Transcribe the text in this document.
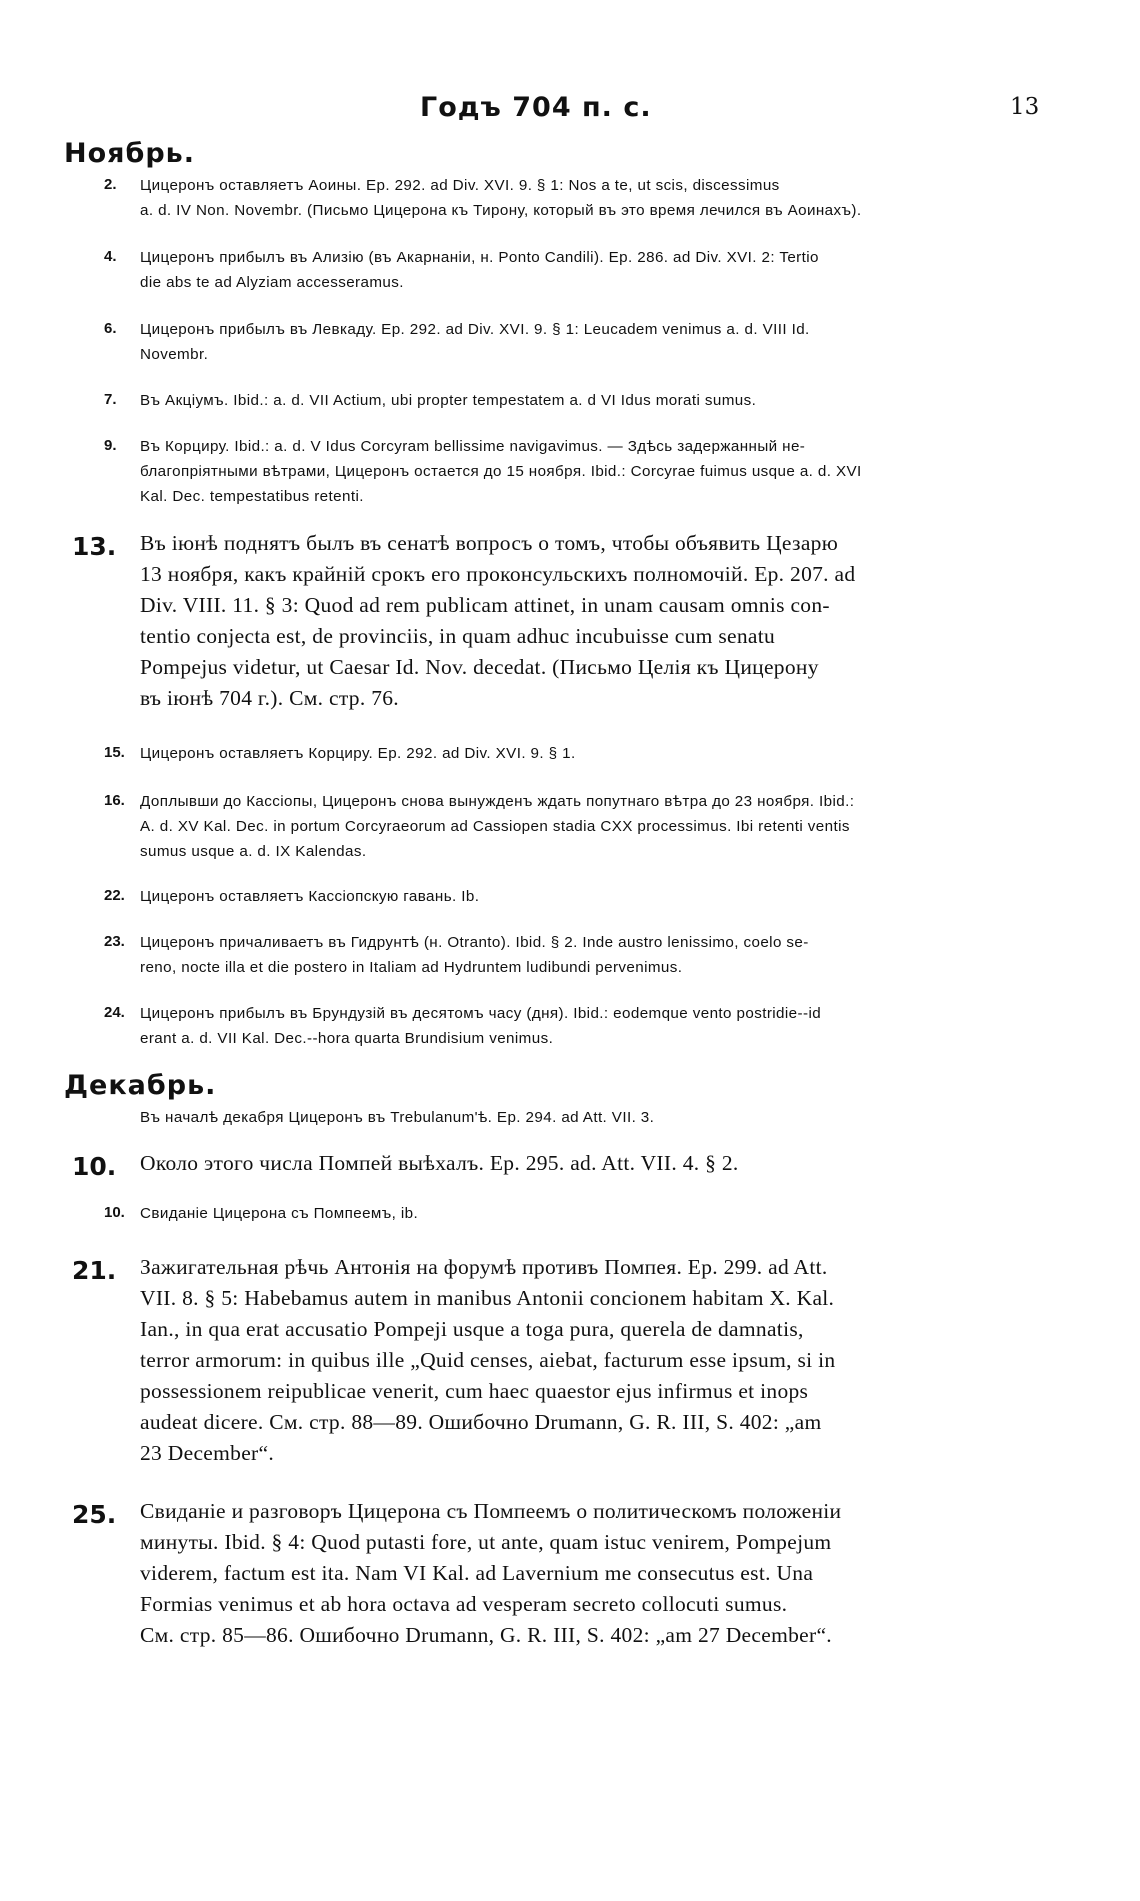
Годъ 704 п. с.	13
Ноябрь.
2. Цицеронъ оставляетъ Аоины. Ер. 292. ad Div. XVI. 9. § 1: Nos a te, ut scis, discessimus
a. d. IV Non. Novembr. (Письмо Цицерона къ Тирону, который въ это время лечился въ Аоинахъ).
4. Цицеронъ прибылъ въ Ализію (въ Акарнаніи, н. Ponto Candili). Ер. 286. ad Div. XVI. 2: Tertio
die abs te ad Alyziam accesseramus.
6. Цицеронъ прибылъ въ Левкаду. Ер. 292. ad Div. XVI. 9. § 1: Leucadem venimus a. d. VIII Id.
Novembr.
7. Въ Акціумъ. Ibid.: a. d. VII Actium, ubi propter tempestatem a. d VI Idus morati sumus.
9. Въ Корциру. Ibid.: a. d. V Idus Corcyram bellissime navigavimus. — Здѣсь задержанный не-
благопріятными вѣтрами, Цицеронъ остается до 15 ноября. Ibid.: Corcyrae fuimus usque a. d. XVI
Kal. Dec. tempestatibus retenti.
13. Въ іюнѣ поднятъ былъ въ сенатѣ вопросъ о томъ, чтобы объявить Цезарю
13 ноября, какъ крайній срокъ его проконсульскихъ полномочій. Ер. 207. ad
Div. VIII. 11. § 3: Quod ad rem publicam attinet, in unam causam omnis con-
tentio conjecta est, de provinciis, in quam adhuc incubuisse cum senatu
Pompejus videtur, ut Caesar Id. Nov. decedat. (Письмо Целія къ Цицерону
въ іюнѣ 704 г.). См. стр. 76.
15. Цицеронъ оставляетъ Корциру. Ер. 292. ad Div. XVI. 9. § 1.
16. Доплывши до Кассіопы, Цицеронъ снова вынужденъ ждать попутнаго вѣтра до 23 ноября. Ibid.:
A. d. XV Kal. Dec. in portum Corcyraeorum ad Cassiopen stadia CXX processimus. Ibi retenti ventis
sumus usque a. d. IX Kalendas.
22. Цицеронъ оставляетъ Кассіопскую гавань. Ib.
23. Цицеронъ причаливаетъ въ Гидрунтѣ (н. Otranto). Ibid. § 2. Inde austro lenissimo, coelo se-
reno, nocte illa et die postero in Italiam ad Hydruntem ludibundi pervenimus.
24. Цицеронъ прибылъ въ Брундузій въ десятомъ часу (дня). Ibid.: eodemque vento postridie--id
erant a. d. VII Kal. Dec.--hora quarta Brundisium venimus.
Декабрь.
Въ началѣ декабря Цицеронъ въ Trebulanum'ѣ. Ер. 294. ad Att. VII. 3.
10. Около этого числа Помпей выѣхалъ. Ер. 295. ad. Att. VII. 4. § 2.
10. Свиданіе Цицерона съ Помпеемъ, ib.
21. Зажигательная рѣчь Антонія на форумѣ противъ Помпея. Ер. 299. ad Att.
VII. 8. § 5: Habebamus autem in manibus Antonii concionem habitam X. Kal.
Ian., in qua erat accusatio Pompeji usque a toga pura, querela de damnatis,
terror armorum: in quibus ille „Quid censes, aiebat, facturum esse ipsum, si in
possessionem reipublicae venerit, cum haec quaestor ejus infirmus et inops
audeat dicere. См. стр. 88—89. Ошибочно Drumann, G. R. III, S. 402: „am
23 December“.
25. Свиданіе и разговоръ Цицерона съ Помпеемъ о политическомъ положеніи
минуты. Ibid. § 4: Quod putasti fore, ut ante, quam istuc venirem, Pompejum
viderem, factum est ita. Nam VI Kal. ad Lavernium me consecutus est. Una
Formias venimus et ab hora octava ad vesperam secreto collocuti sumus.
См. стр. 85—86. Ошибочно Drumann, G. R. III, S. 402: „am 27 December“.
